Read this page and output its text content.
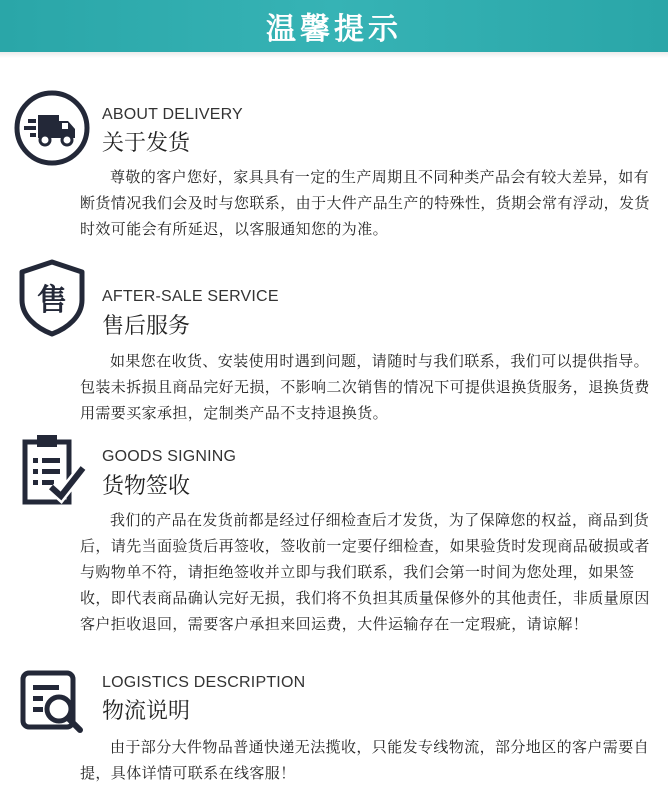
温馨提示
ABOUT DELIVERY
关于发货
尊敬的客户您好，家具具有一定的生产周期且不同种类产品会有较大差异，如有断货情况我们会及时与您联系，由于大件产品生产的特殊性，货期会常有浮动，发货时效可能会有所延迟，以客服通知您的为准。
售 AFTER-SALE SERVICE
售后服务
如果您在收货、安装使用时遇到问题，请随时与我们联系，我们可以提供指导。包装未拆损且商品完好无损，不影响二次销售的情况下可提供退换货服务，退换货费用需要买家承担，定制类产品不支持退换货。
GOODS SIGNING
货物签收
我们的产品在发货前都是经过仔细检查后才发货，为了保障您的权益，商品到货后，请先当面验货后再签收，签收前一定要仔细检查，如果验货时发现商品破损或者与购物单不符，请拒绝签收并立即与我们联系，我们会第一时间为您处理，如果签收，即代表商品确认完好无损，我们将不负担其质量保修外的其他责任，非质量原因客户拒收退回，需要客户承担来回运费，大件运输存在一定瑕疵，请谅解！
LOGISTICS DESCRIPTION
物流说明
由于部分大件物品普通快递无法揽收，只能发专线物流，部分地区的客户需要自提，具体详情可联系在线客服！
